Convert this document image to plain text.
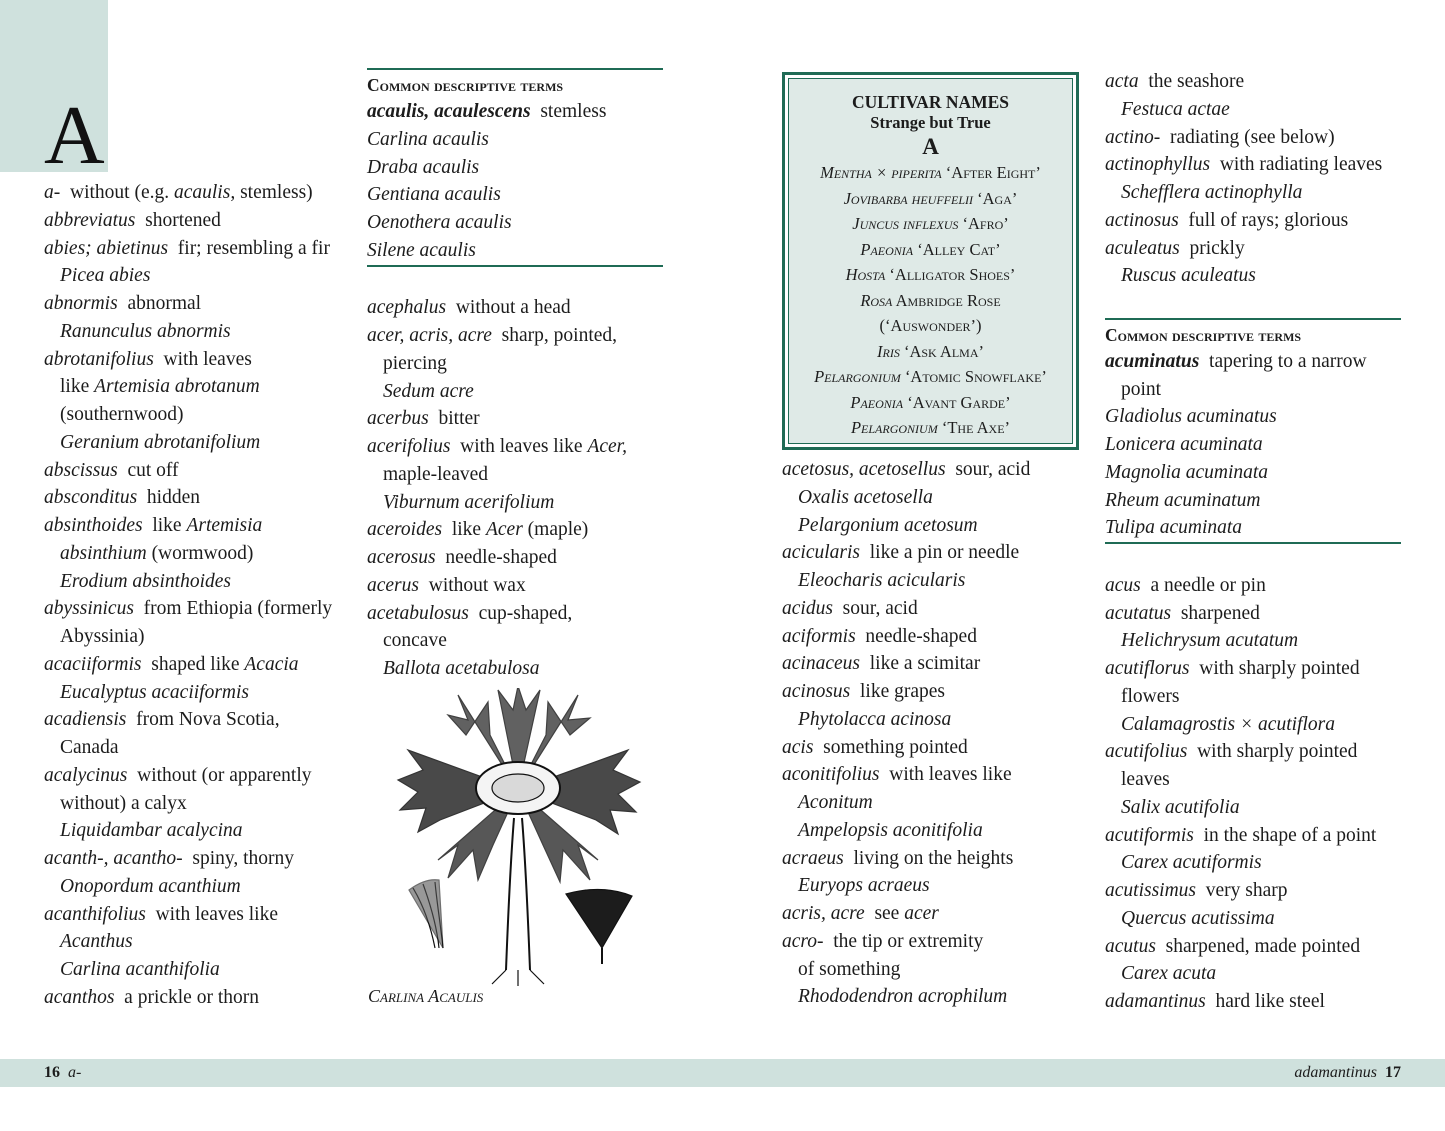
A
a- without (e.g. acaulis, stemless)
abbreviatus shortened
abies; abietinus fir; resembling a fir
Picea abies
abnormis abnormal
Ranunculus abnormis
abrotanifolius with leaves
like Artemisia abrotanum
(southernwood)
Geranium abrotanifolium
abscissus cut off
absconditus hidden
absinthoides like Artemisia
absinthium (wormwood)
Erodium absinthoides
abyssinicus from Ethiopia (formerly
Abyssinia)
acaciiformis shaped like Acacia
Eucalyptus acaciiformis
acadiensis from Nova Scotia,
Canada
acalycinus without (or apparently
without) a calyx
Liquidambar acalycina
acanth-, acantho- spiny, thorny
Onopordum acanthium
acanthifolius with leaves like
Acanthus
Carlina acanthifolia
acanthos a prickle or thorn
Common descriptive terms
acaulis, acaulescens stemless
Carlina acaulis
Draba acaulis
Gentiana acaulis
Oenothera acaulis
Silene acaulis
acephalus without a head
acer, acris, acre sharp, pointed,
piercing
Sedum acre
acerbus bitter
acerifolius with leaves like Acer,
maple-leaved
Viburnum acerifolium
aceroides like Acer (maple)
acerosus needle-shaped
acerus without wax
acetabulosus cup-shaped,
concave
Ballota acetabulosa
Carlina Acaulis
CULTIVAR NAMES
Strange but True
A
Mentha × piperita ‘After Eight’
Jovibarba heuffelii ‘Aga’
Juncus inflexus ‘Afro’
Paeonia ‘Alley Cat’
Hosta ‘Alligator Shoes’
Rosa Ambridge Rose
(‘Auswonder’)
Iris ‘Ask Alma’
Pelargonium ‘Atomic Snowflake’
Paeonia ‘Avant Garde’
Pelargonium ‘The Axe’
acetosus, acetosellus sour, acid
Oxalis acetosella
Pelargonium acetosum
acicularis like a pin or needle
Eleocharis acicularis
acidus sour, acid
aciformis needle-shaped
acinaceus like a scimitar
acinosus like grapes
Phytolacca acinosa
acis something pointed
aconitifolius with leaves like
Aconitum
Ampelopsis aconitifolia
acraeus living on the heights
Euryops acraeus
acris, acre see acer
acro- the tip or extremity
of something
Rhododendron acrophilum
acta the seashore
Festuca actae
actino- radiating (see below)
actinophyllus with radiating leaves
Schefflera actinophylla
actinosus full of rays; glorious
aculeatus prickly
Ruscus aculeatus
Common descriptive terms
acuminatus tapering to a narrow
point
Gladiolus acuminatus
Lonicera acuminata
Magnolia acuminata
Rheum acuminatum
Tulipa acuminata
acus a needle or pin
acutatus sharpened
Helichrysum acutatum
acutiflorus with sharply pointed
flowers
Calamagrostis × acutiflora
acutifolius with sharply pointed
leaves
Salix acutifolia
acutiformis in the shape of a point
Carex acutiformis
acutissimus very sharp
Quercus acutissima
acutus sharpened, made pointed
Carex acuta
adamantinus hard like steel
16 a-	adamantinus 17
